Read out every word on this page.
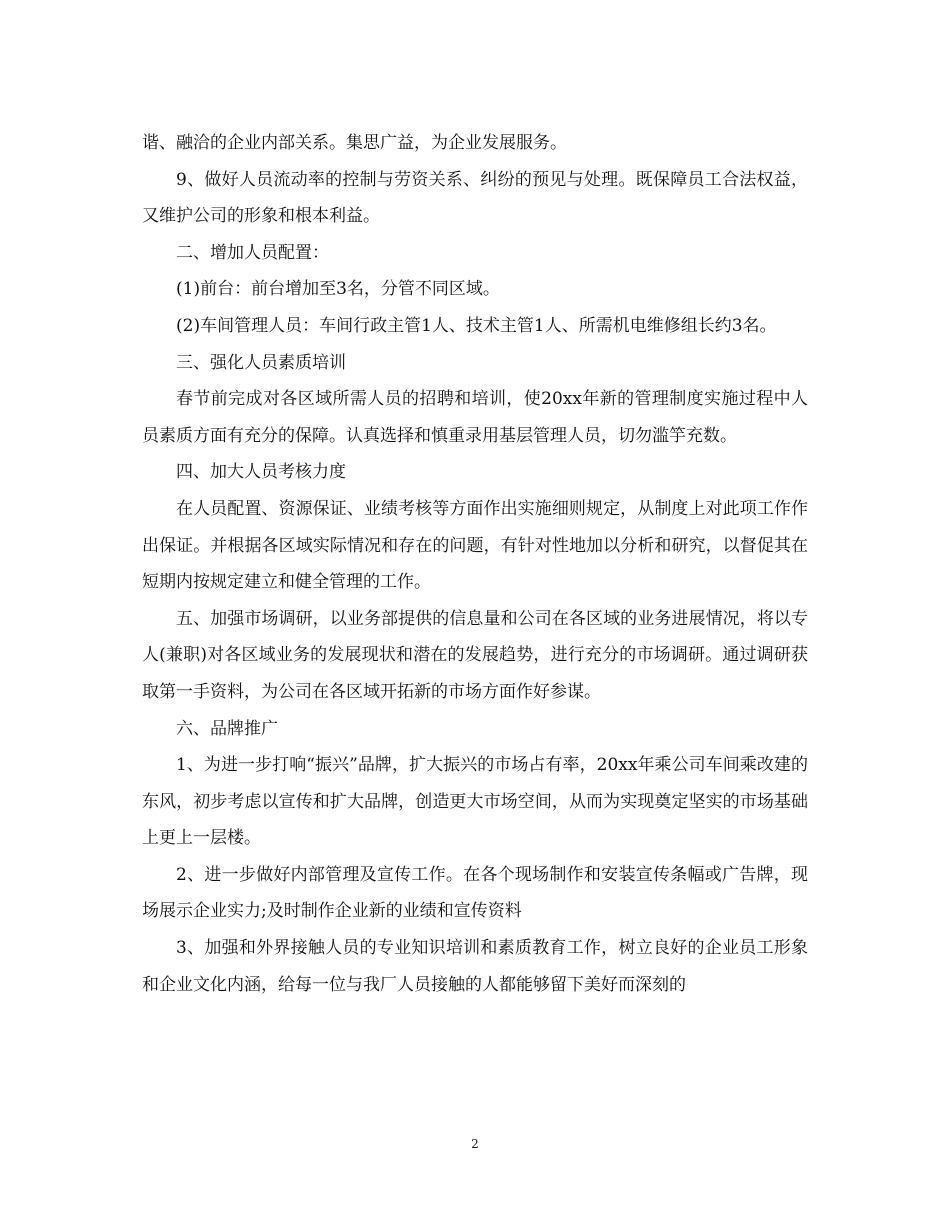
谐、融洽的企业内部关系。集思广益，为企业发展服务。

9、做好人员流动率的控制与劳资关系、纠纷的预见与处理。既保障员工合法权益，又维护公司的形象和根本利益。

二、增加人员配置：

(1)前台：前台增加至3名，分管不同区域。

(2)车间管理人员：车间行政主管1人、技术主管1人、所需机电维修组长约3名。

三、强化人员素质培训

春节前完成对各区域所需人员的招聘和培训，使20xx年新的管理制度实施过程中人员素质方面有充分的保障。认真选择和慎重录用基层管理人员，切勿滥竽充数。

四、加大人员考核力度

在人员配置、资源保证、业绩考核等方面作出实施细则规定，从制度上对此项工作作出保证。并根据各区域实际情况和存在的问题，有针对性地加以分析和研究，以督促其在短期内按规定建立和健全管理的工作。

五、加强市场调研，以业务部提供的信息量和公司在各区域的业务进展情况，将以专人(兼职)对各区域业务的发展现状和潜在的发展趋势，进行充分的市场调研。通过调研获取第一手资料，为公司在各区域开拓新的市场方面作好参谋。

六、品牌推广

1、为进一步打响“振兴”品牌，扩大振兴的市场占有率，20xx年乘公司车间乘改建的东风，初步考虑以宣传和扩大品牌，创造更大市场空间，从而为实现奠定坚实的市场基础上更上一层楼。

2、进一步做好内部管理及宣传工作。在各个现场制作和安装宣传条幅或广告牌，现场展示企业实力;及时制作企业新的业绩和宣传资料

3、加强和外界接触人员的专业知识培训和素质教育工作，树立良好的企业员工形象和企业文化内涵，给每一位与我厂人员接触的人都能够留下美好而深刻的

2
